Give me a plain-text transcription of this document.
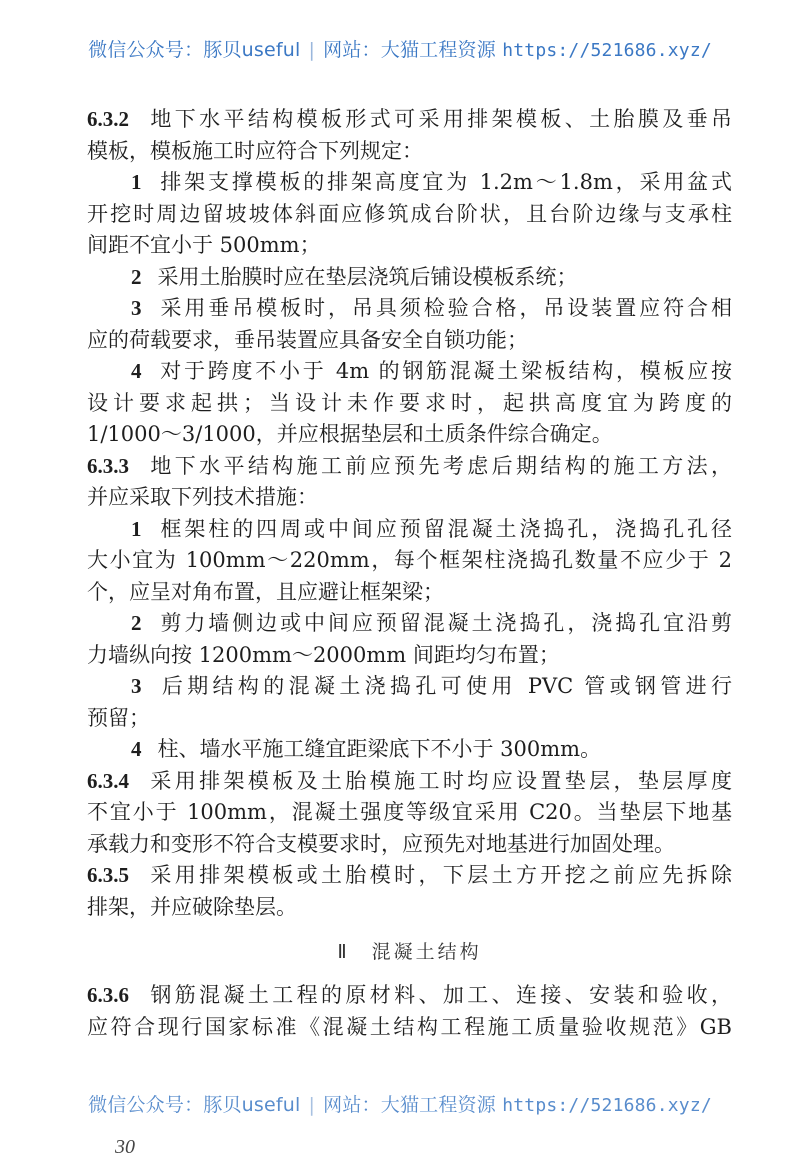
微信公众号：豚贝useful | 网站：大猫工程资源 https://521686.xyz/
6.3.2 地下水平结构模板形式可采用排架模板、土胎膜及垂吊
模板，模板施工时应符合下列规定：
1 排架支撑模板的排架高度宜为 1.2m～1.8m，采用盆式
开挖时周边留坡坡体斜面应修筑成台阶状，且台阶边缘与支承柱
间距不宜小于 500mm；
2 采用土胎膜时应在垫层浇筑后铺设模板系统；
3 采用垂吊模板时，吊具须检验合格，吊设装置应符合相
应的荷载要求，垂吊装置应具备安全自锁功能；
4 对于跨度不小于 4m 的钢筋混凝土梁板结构，模板应按
设计要求起拱；当设计未作要求时，起拱高度宜为跨度的
1/1000～3/1000，并应根据垫层和土质条件综合确定。
6.3.3 地下水平结构施工前应预先考虑后期结构的施工方法，
并应采取下列技术措施：
1 框架柱的四周或中间应预留混凝土浇捣孔，浇捣孔孔径
大小宜为 100mm～220mm，每个框架柱浇捣孔数量不应少于 2
个，应呈对角布置，且应避让框架梁；
2 剪力墙侧边或中间应预留混凝土浇捣孔，浇捣孔宜沿剪
力墙纵向按 1200mm～2000mm 间距均匀布置；
3 后期结构的混凝土浇捣孔可使用 PVC 管或钢管进行
预留；
4 柱、墙水平施工缝宜距梁底下不小于 300mm。
6.3.4 采用排架模板及土胎模施工时均应设置垫层，垫层厚度
不宜小于 100mm，混凝土强度等级宜采用 C20。当垫层下地基
承载力和变形不符合支模要求时，应预先对地基进行加固处理。
6.3.5 采用排架模板或土胎模时，下层土方开挖之前应先拆除
排架，并应破除垫层。
Ⅱ 混凝土结构
6.3.6 钢筋混凝土工程的原材料、加工、连接、安装和验收，
应符合现行国家标准《混凝土结构工程施工质量验收规范》GB
微信公众号：豚贝useful | 网站：大猫工程资源 https://521686.xyz/
30
